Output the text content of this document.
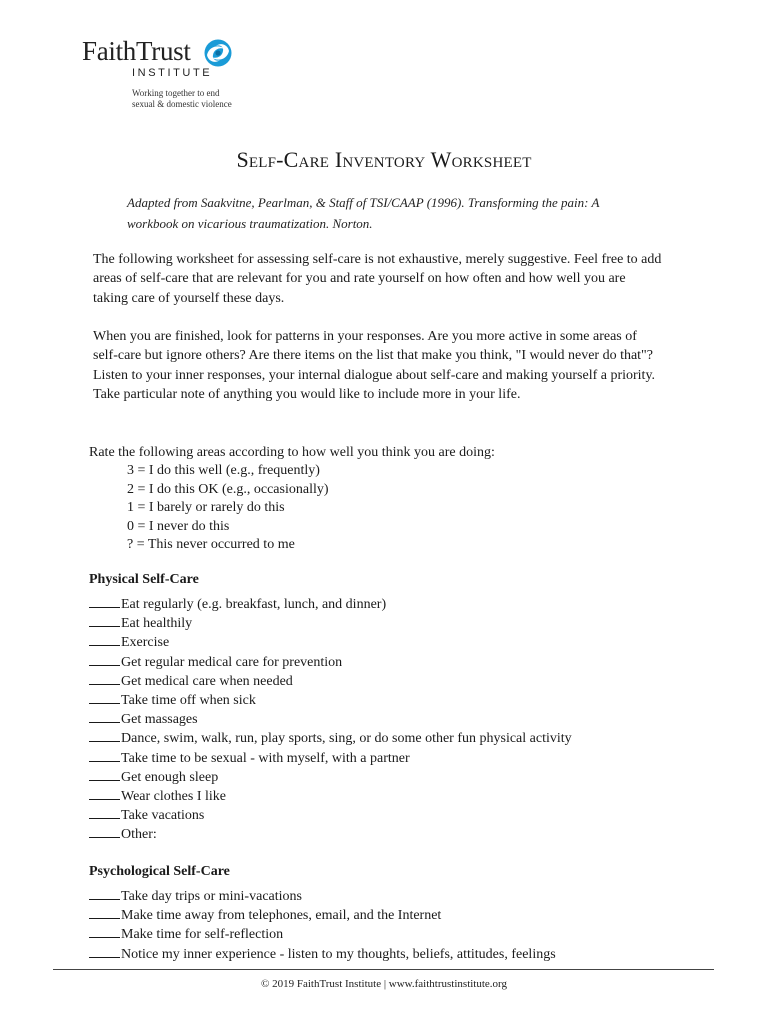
FaithTrust
INSTITUTE
Working together to end
sexual & domestic violence
Self-Care Inventory Worksheet
Adapted from Saakvitne, Pearlman, & Staff of TSI/CAAP (1996). Transforming the pain: A workbook on vicarious traumatization. Norton.
The following worksheet for assessing self-care is not exhaustive, merely suggestive. Feel free to add areas of self-care that are relevant for you and rate yourself on how often and how well you are taking care of yourself these days.
When you are finished, look for patterns in your responses. Are you more active in some areas of self-care but ignore others? Are there items on the list that make you think, "I would never do that"? Listen to your inner responses, your internal dialogue about self-care and making yourself a priority. Take particular note of anything you would like to include more in your life.
Rate the following areas according to how well you think you are doing:
3 = I do this well (e.g., frequently)
2 = I do this OK (e.g., occasionally)
1 = I barely or rarely do this
0 = I never do this
? = This never occurred to me
Physical Self-Care
Eat regularly (e.g. breakfast, lunch, and dinner)
Eat healthily
Exercise
Get regular medical care for prevention
Get medical care when needed
Take time off when sick
Get massages
Dance, swim, walk, run, play sports, sing, or do some other fun physical activity
Take time to be sexual - with myself, with a partner
Get enough sleep
Wear clothes I like
Take vacations
Other:
Psychological Self-Care
Take day trips or mini-vacations
Make time away from telephones, email, and the Internet
Make time for self-reflection
Notice my inner experience - listen to my thoughts, beliefs, attitudes, feelings
© 2019 FaithTrust Institute | www.faithtrustinstitute.org
